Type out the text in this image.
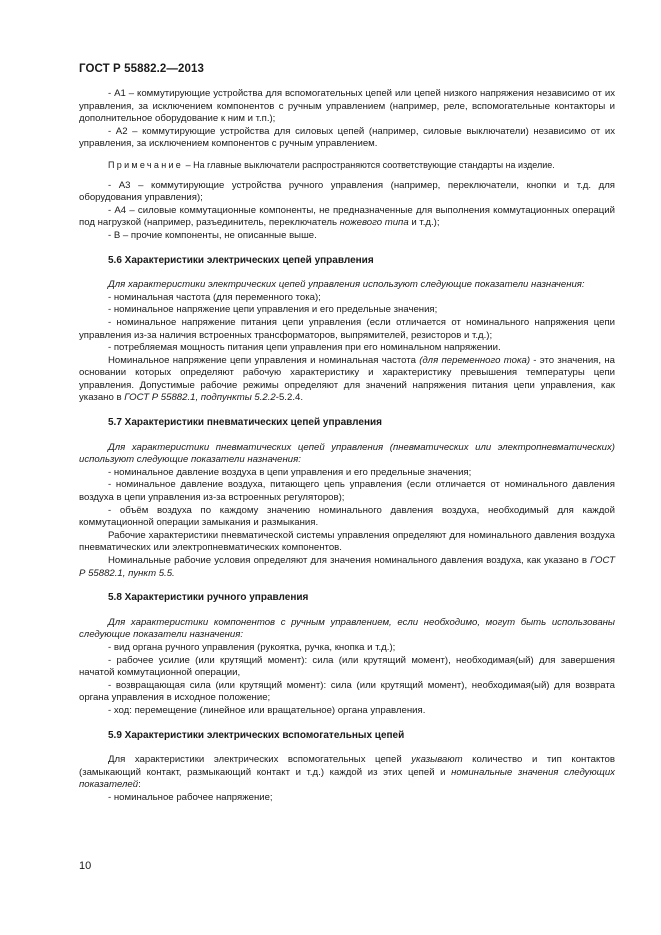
ГОСТ Р 55882.2—2013

- А1 – коммутирующие устройства для вспомогательных цепей или цепей низкого напряжения независимо от их управления, за исключением компонентов с ручным управлением (например, реле, вспомогательные контакторы и дополнительное оборудование к ним и т.п.);

- А2 – коммутирующие устройства для силовых цепей (например, силовые выключатели) независимо от их управления, за исключением компонентов с ручным управлением.

Примечание – На главные выключатели распространяются соответствующие стандарты на изделие.

- А3 – коммутирующие устройства ручного управления (например, переключатели, кнопки и т.д. для оборудования управления);

- А4 – силовые коммутационные компоненты, не предназначенные для выполнения коммутационных операций под нагрузкой (например, разъединитель, переключатель ножевого типа и т.д.);

- В – прочие компоненты, не описанные выше.

5.6 Характеристики электрических цепей управления

Для характеристики электрических цепей управления используют следующие показатели назначения:

- номинальная частота (для переменного тока);

- номинальное напряжение цепи управления и его предельные значения;

- номинальное напряжение питания цепи управления (если отличается от номинального напряжения цепи управления из-за наличия встроенных трансформаторов, выпрямителей, резисторов и т.д.);

- потребляемая мощность питания цепи управления при его номинальном напряжении.

Номинальное напряжение цепи управления и номинальная частота (для переменного тока) - это значения, на основании которых определяют рабочую характеристику и характеристику превышения температуры цепи управления. Допустимые рабочие режимы определяют для значений напряжения питания цепи управления, как указано в ГОСТ Р 55882.1, подпункты 5.2.2-5.2.4.

5.7 Характеристики пневматических цепей управления

Для характеристики пневматических цепей управления (пневматических или электропневматических) используют следующие показатели назначения:

- номинальное давление воздуха в цепи управления и его предельные значения;

- номинальное давление воздуха, питающего цепь управления (если отличается от номинального давления воздуха в цепи управления из-за встроенных регуляторов);

- объём воздуха по каждому значению номинального давления воздуха, необходимый для каждой коммутационной операции замыкания и размыкания.

Рабочие характеристики пневматической системы управления определяют для номинального давления воздуха пневматических или электропневматических компонентов.

Номинальные рабочие условия определяют для значения номинального давления воздуха, как указано в ГОСТ Р 55882.1, пункт 5.5.

5.8 Характеристики ручного управления

Для характеристики компонентов с ручным управлением, если необходимо, могут быть использованы следующие показатели назначения:

- вид органа ручного управления (рукоятка, ручка, кнопка и т.д.);

- рабочее усилие (или крутящий момент): сила (или крутящий момент), необходимая(ый) для завершения начатой коммутационной операции,

- возвращающая сила (или крутящий момент): сила (или крутящий момент), необходимая(ый) для возврата органа управления в исходное положение;

- ход: перемещение (линейное или вращательное) органа управления.

5.9 Характеристики электрических вспомогательных цепей

Для характеристики электрических вспомогательных цепей указывают количество и тип контактов (замыкающий контакт, размыкающий контакт и т.д.) каждой из этих цепей и номинальные значения следующих показателей:

- номинальное рабочее напряжение;

10
